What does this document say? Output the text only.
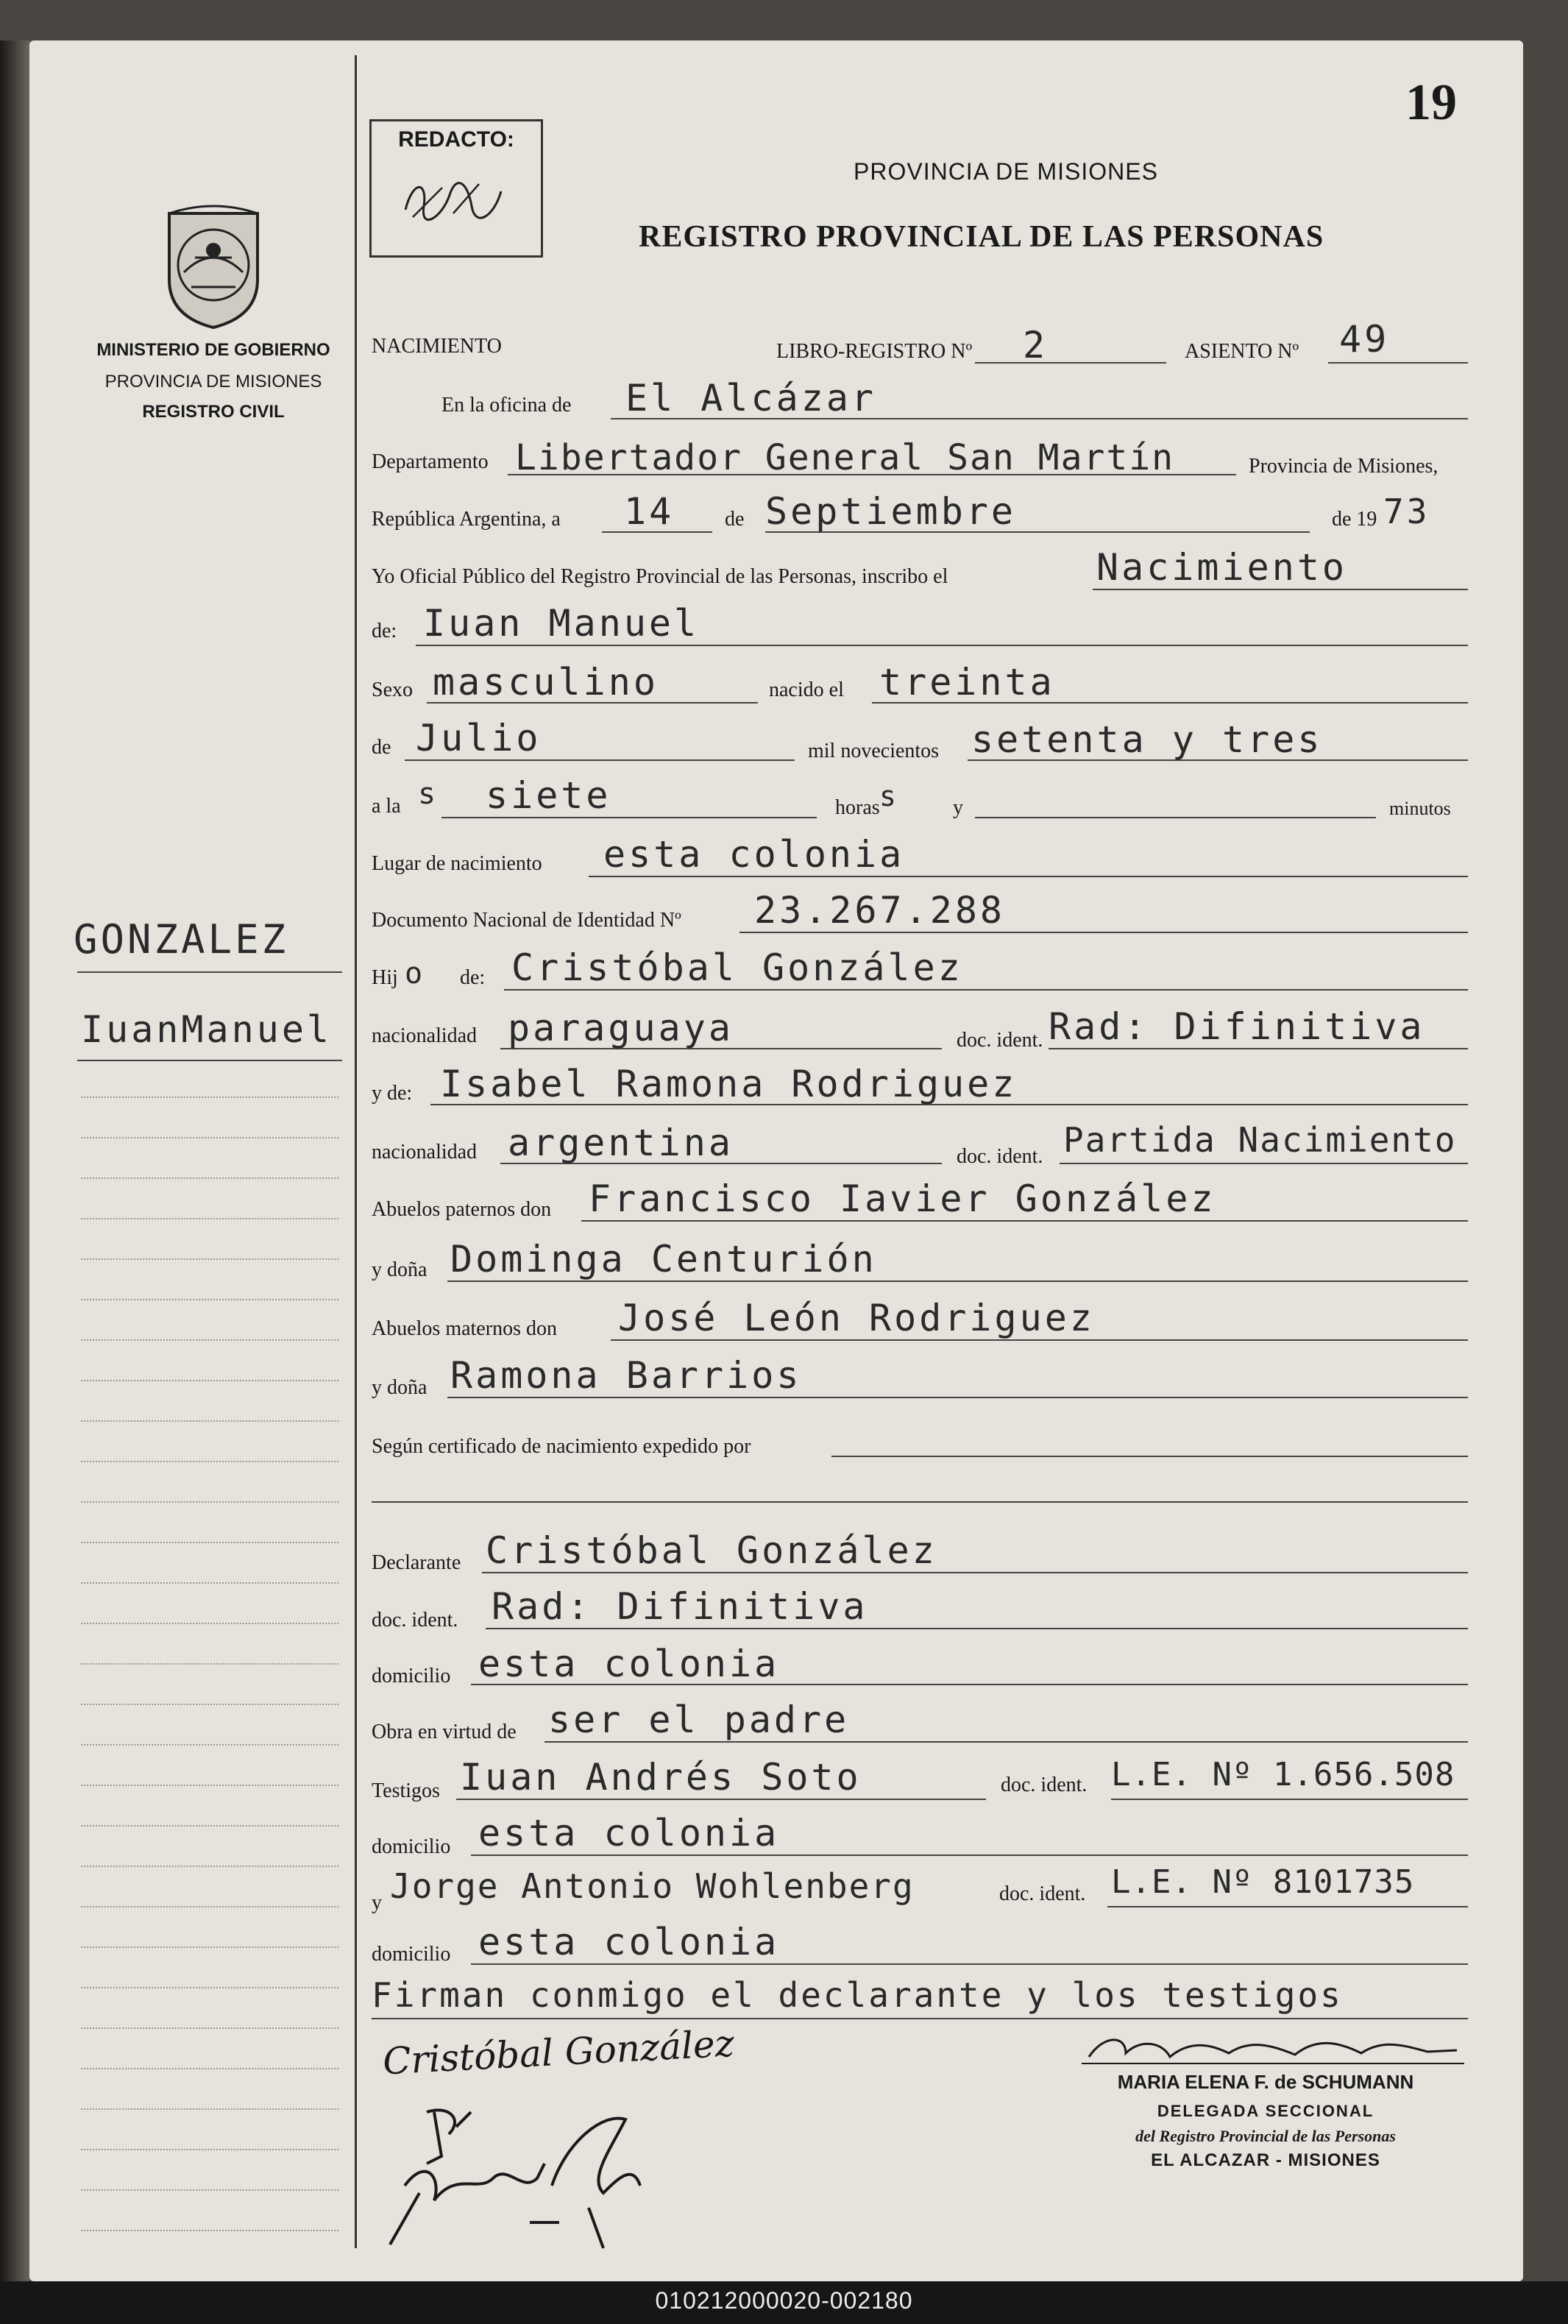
19
REDACTO:
PROVINCIA DE MISIONES
REGISTRO PROVINCIAL DE LAS PERSONAS
MINISTERIO DE GOBIERNO
PROVINCIA DE MISIONES
REGISTRO CIVIL
GONZALEZ
IuanManuel
NACIMIENTO	LIBRO-REGISTRO Nº 2	ASIENTO Nº 49
En la oficina de El Alcázar
Departamento Libertador General San Martín	Provincia de Misiones,
República Argentina, a 14 de Septiembre	de 19 73
Yo Oficial Público del Registro Provincial de las Personas, inscribo el	Nacimiento
de: Iuan Manuel
Sexo masculino	nacido el treinta
de Julio	mil novecientos setenta y tres
a la s siete	horas s	y	minutos
Lugar de nacimiento esta colonia
Documento Nacional de Identidad Nº 23.267.288
Hij o de: Cristóbal González
nacionalidad paraguaya	doc. ident. Rad: Difinitiva
y de: Isabel Ramona Rodriguez
nacionalidad argentina	doc. ident. Partida Nacimiento
Abuelos paternos don Francisco Iavier González
y doña Dominga Centurión
Abuelos maternos don José León Rodriguez
y doña Ramona Barrios
Según certificado de nacimiento expedido por
Declarante Cristóbal González
doc. ident. Rad: Difinitiva
domicilio esta colonia
Obra en virtud de ser el padre
Testigos Iuan Andrés Soto	doc. ident. L.E. Nº 1.656.508
domicilio esta colonia
y Jorge Antonio Wohlenberg	doc. ident. L.E. Nº 8101735
domicilio esta colonia
Firman conmigo el declarante y los testigos
Cristóbal González	MARIA ELENA F. de SCHUMANN
DELEGADA SECCIONAL
del Registro Provincial de las Personas
EL ALCAZAR - MISIONES
010212000020-002180
